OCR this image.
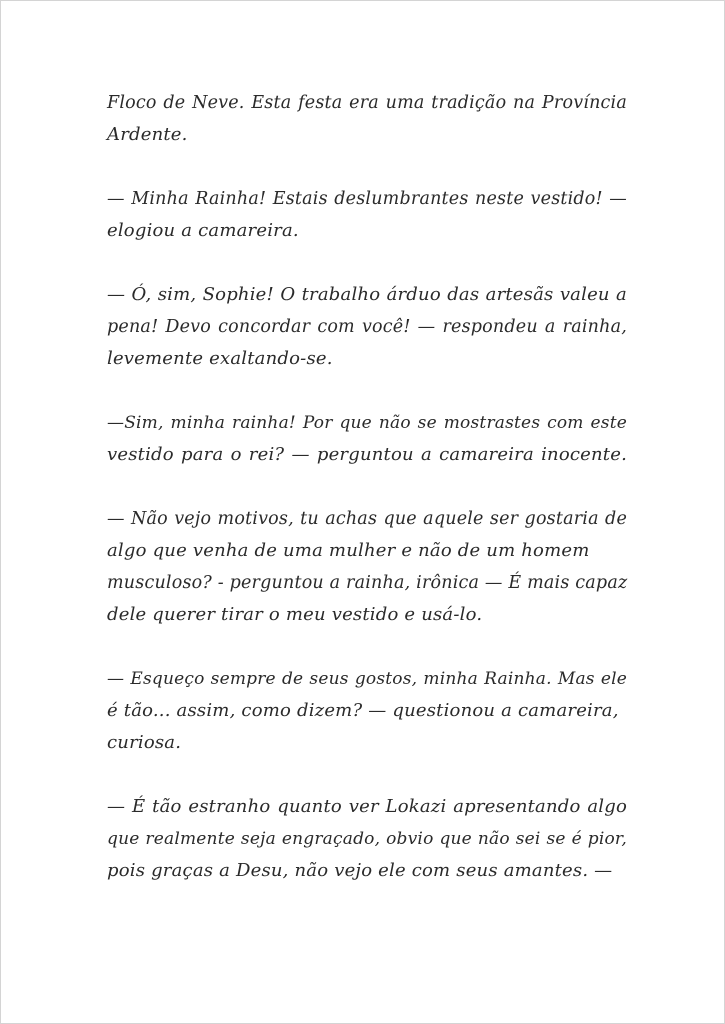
Floco de Neve. Esta festa era uma tradição na Província
Ardente.

— Minha Rainha! Estais deslumbrantes neste vestido! —
elogiou a camareira.

— Ó, sim, Sophie! O trabalho árduo das artesãs valeu a
pena! Devo concordar com você! — respondeu a rainha,
levemente exaltando-se.

—Sim, minha rainha! Por que não se mostrastes com este
vestido para o rei? — perguntou a camareira inocente.

— Não vejo motivos, tu achas que aquele ser gostaria de
algo que venha de uma mulher e não de um homem
musculoso? - perguntou a rainha, irônica — É mais capaz
dele querer tirar o meu vestido e usá-lo.

— Esqueço sempre de seus gostos, minha Rainha. Mas ele
é tão... assim, como dizem? — questionou a camareira,
curiosa.

— É tão estranho quanto ver Lokazi apresentando algo
que realmente seja engraçado, obvio que não sei se é pior,
pois graças a Desu, não vejo ele com seus amantes. —
